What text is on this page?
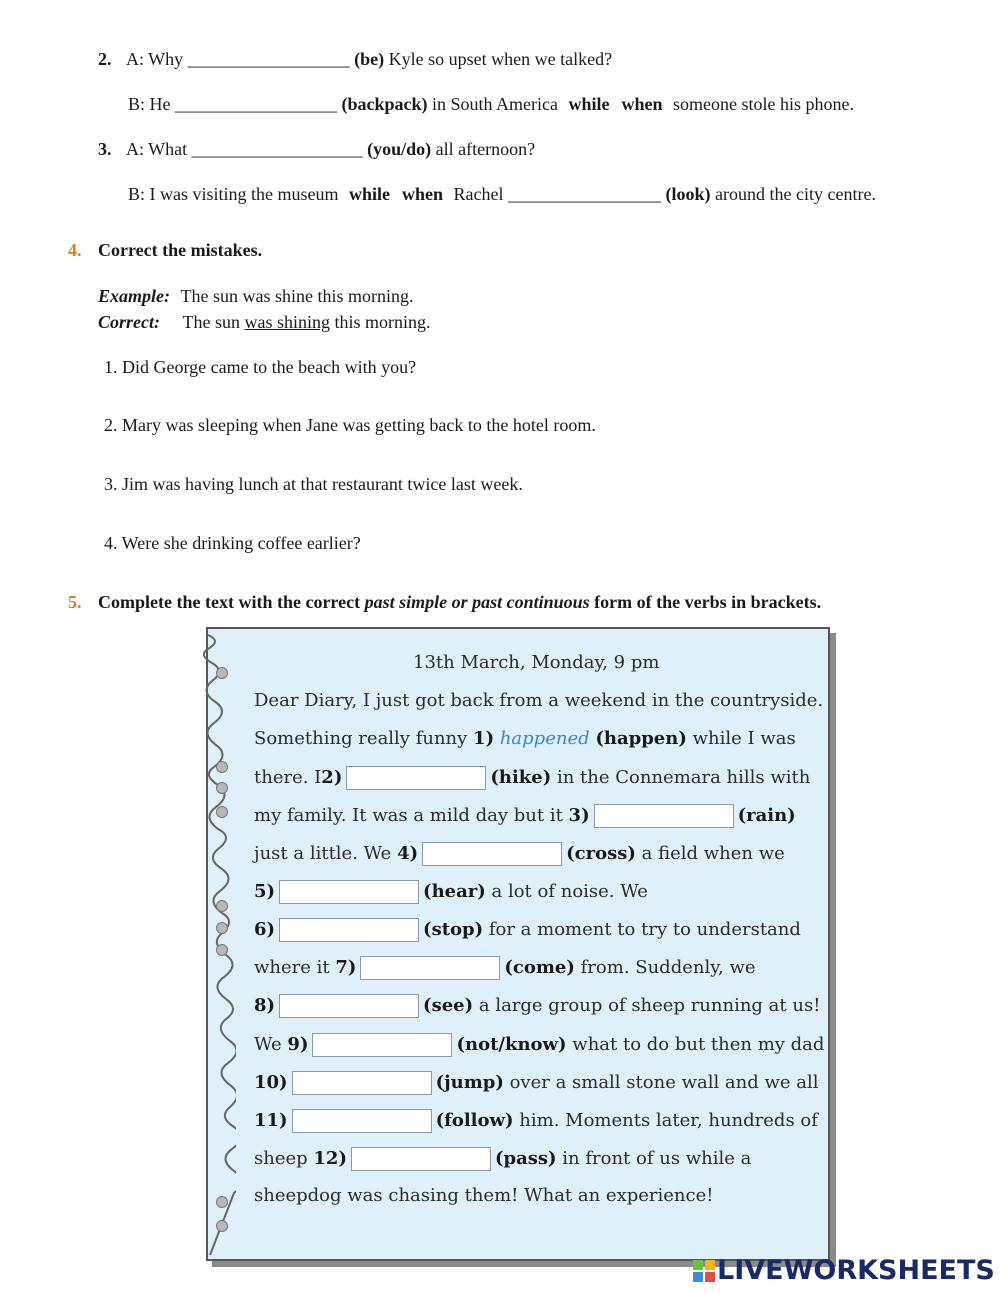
2. A: Why __________________ (be) Kyle so upset when we talked?
B: He __________________ (backpack) in South America while when someone stole his phone.
3. A: What ___________________ (you/do) all afternoon?
B: I was visiting the museum while when Rachel _________________ (look) around the city centre.
4. Correct the mistakes.
Example: The sun was shine this morning.
Correct: The sun was shining this morning.
1. Did George came to the beach with you?
2. Mary was sleeping when Jane was getting back to the hotel room.
3. Jim was having lunch at that restaurant twice last week.
4. Were she drinking coffee earlier?
5. Complete the text with the correct past simple or past continuous form of the verbs in brackets.
13th March, Monday, 9 pm
Dear Diary, I just got back from a weekend in the countryside.
Something really funny 1) happened (happen) while I was
there. I2)	(hike) in the Connemara hills with
my family. It was a mild day but it 3)	(rain)
just a little. We 4)	(cross) a field when we
5)	(hear) a lot of noise. We
6)	(stop) for a moment to try to understand
where it 7)	(come) from. Suddenly, we
8)	(see) a large group of sheep running at us!
We 9)	(not/know) what to do but then my dad
10)	(jump) over a small stone wall and we all
11)	(follow) him. Moments later, hundreds of
sheep 12)	(pass) in front of us while a
sheepdog was chasing them! What an experience!
LIVEWORKSHEETS
